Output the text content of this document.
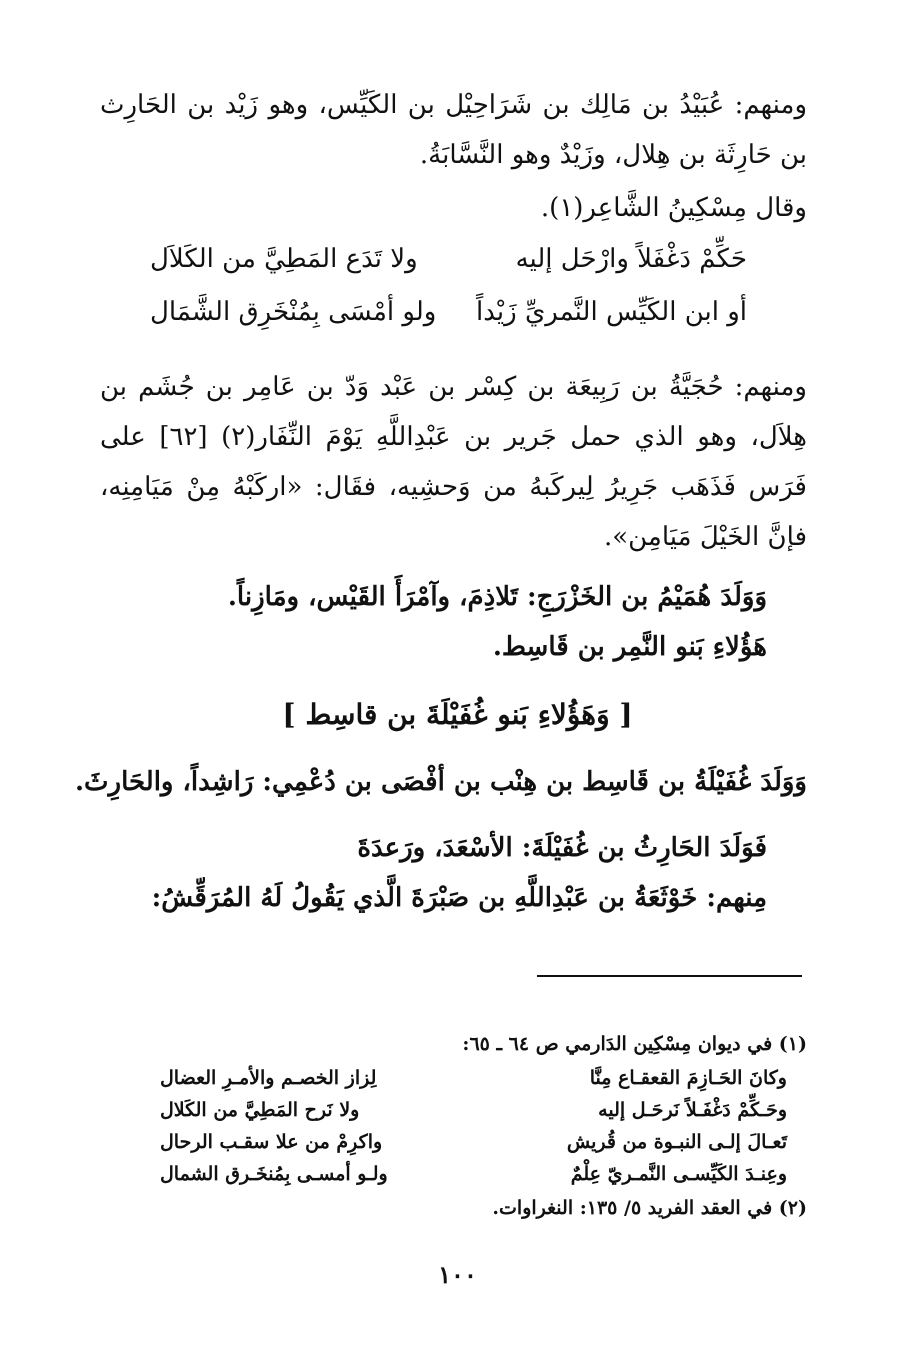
ومنهم: عُبَيْدُ بن مَالِك بن شَرَاحِيْل بن الكَيِّس، وهو زَيْد بن الحَارِث بن حَارِثَة بن هِلال، وزَيْدٌ وهو النَّسَّابَةُ.
وقال مِسْكِينُ الشَّاعِر(١).
حَكِّمْ دَغْفَلاً وارْحَل إليه
ولا تَدَع المَطِيَّ من الكَلاَل
أو ابن الكَيِّس النَّمريِّ زَيْداً
ولو أمْسَى بِمُنْخَرِق الشَّمَال
ومنهم: حُجَيَّةُ بن رَبِيعَة بن كِسْر بن عَبْد وَدّ بن عَامِر بن جُشَم بن هِلاَل، وهو الذي حمل جَرير بن عَبْدِاللَّهِ يَوْمَ النِّفَار(٢) [٦٢] على فَرَس فَذَهَب جَرِيرُ لِيركَبهُ من وَحشِيه، فقَال: «اركَبْهُ مِنْ مَيَامِنِه، فإنَّ الخَيْلَ مَيَامِن».
وَوَلَدَ هُمَيْمُ بن الخَزْرَجِ: تَلاذِمَ، وآمْرَأَ القَيْس، ومَازِناً.
هَؤُلاءِ بَنو النَّمِر بن قَاسِط.
[ وَهَؤُلاءِ بَنو غُفَيْلَةَ بن قاسِط ]
وَوَلَدَ غُفَيْلَةُ بن قَاسِط بن هِنْب بن أفْصَى بن دُعْمِي: رَاشِداً، والحَارِثَ.
فَوَلَدَ الحَارِثُ بن غُفَيْلَةَ: الأسْعَدَ، ورَعدَةَ
مِنهم: خَوْثَعَةُ بن عَبْدِاللَّهِ بن صَبْرَةَ الَّذي يَقُولُ لَهُ المُرَقِّشُ:
(١) في ديوان مِسْكِين الدَارمي ص ٦٤ ـ ٦٥:
وكانَ الحَـازِمَ القعقـاع مِنَّا
لِزاز الخصـم والأمـرِ العضال
وحَـكِّمْ دَغْفَـلاً نَرحَـل إليه
ولا نَرح المَطِيَّ من الكَلال
تَعـالَ إلـى النبـوة من قُريش
واكرِمْ من علا سقـب الرحال
وعِنـدَ الكَيِّسـى النَّمـريّ عِلْمٌ
ولـو أمسـى بِمُنخَـرق الشمال
(٢) في العقد الفريد ٥/ ١٣٥: النغراوات.
١٠٠
